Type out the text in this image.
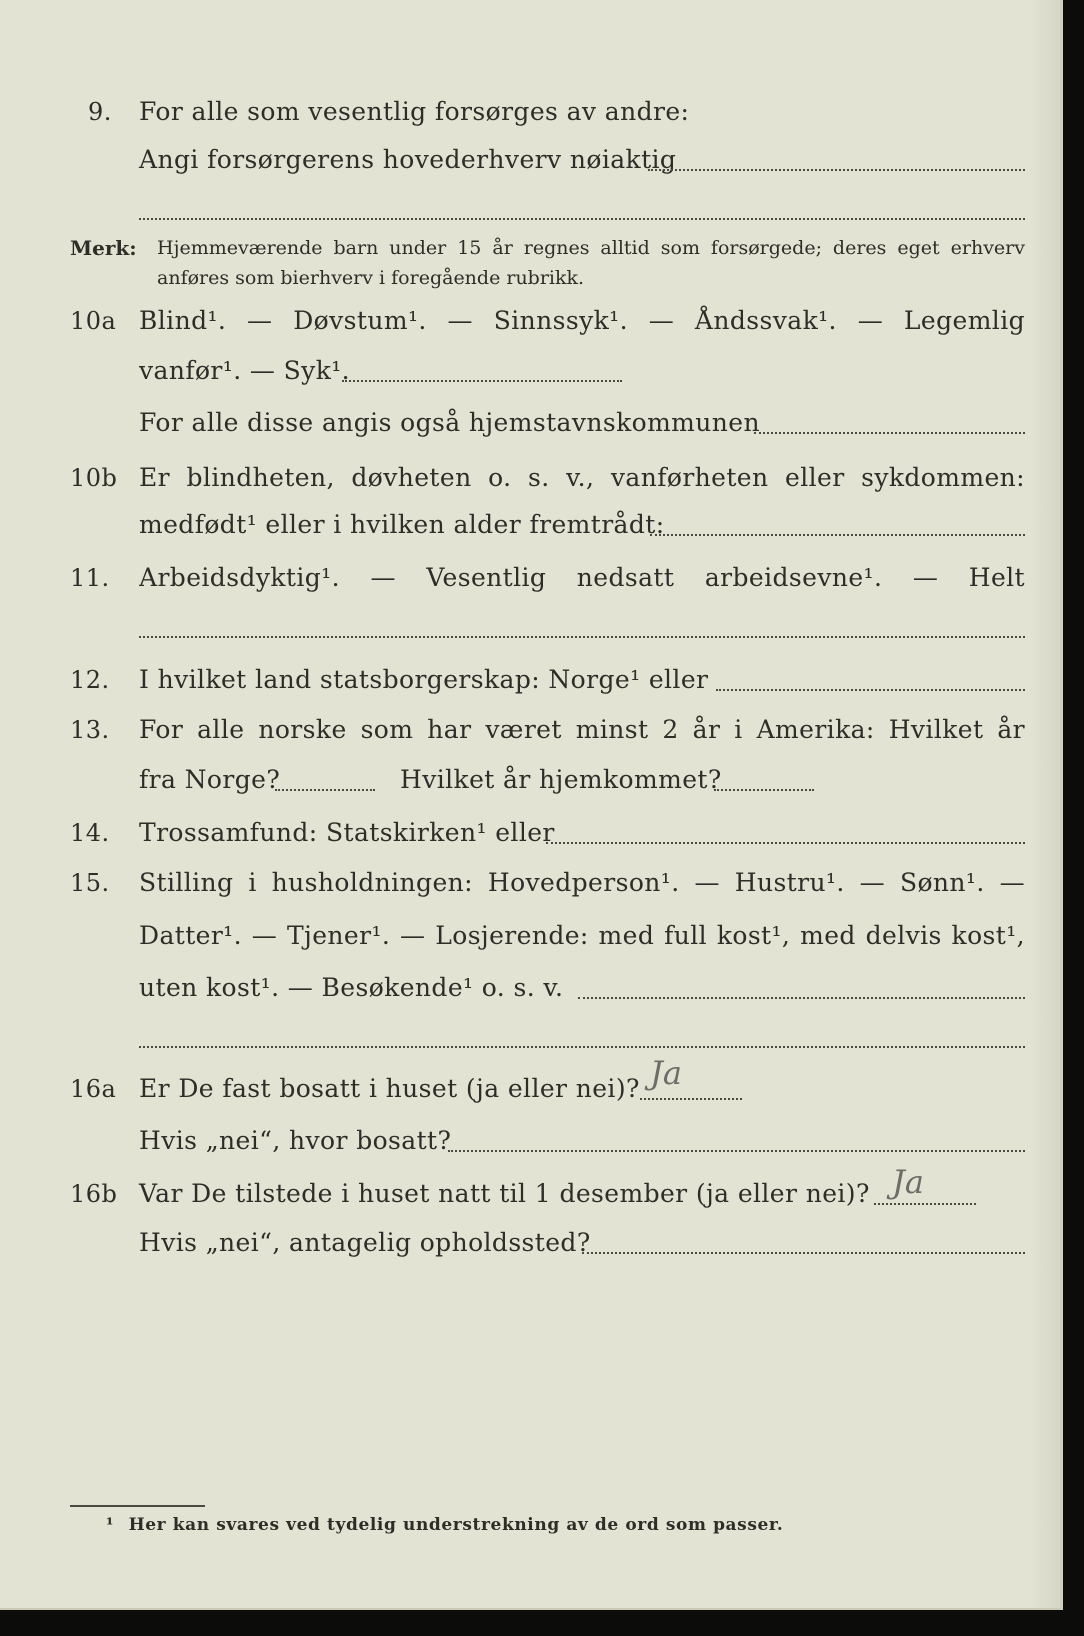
9.	For alle som vesentlig forsørges av andre:
Angi forsørgerens hovederhverv nøiaktig
Merk: Hjemmeværende barn under 15 år regnes alltid som forsørgede; deres eget erhverv
anføres som bierhverv i foregående rubrikk.
10a Blind¹. — Døvstum¹. — Sinnssyk¹. — Åndssvak¹. — Legemlig
vanfør¹. — Syk¹.
For alle disse angis også hjemstavnskommunen
10b Er blindheten, døvheten o. s. v., vanførheten eller sykdommen:
medfødt¹ eller i hvilken alder fremtrådt:
11.	Arbeidsdyktig¹. — Vesentlig nedsatt arbeidsevne¹. — Helt
12.	I hvilket land statsborgerskap: Norge¹ eller
13.	For alle norske som har været minst 2 år i Amerika: Hvilket år
fra Norge?	Hvilket år hjemkommet?
14.	Trossamfund: Statskirken¹ eller
15.	Stilling i husholdningen: Hovedperson¹. — Hustru¹. — Sønn¹. —
Datter¹. — Tjener¹. — Losjerende: med full kost¹, med delvis kost¹,
uten kost¹. — Besøkende¹ o. s. v.
16a Er De fast bosatt i huset (ja eller nei)? Ja
Hvis „nei“, hvor bosatt?
16b Var De tilstede i huset natt til 1 desember (ja eller nei)? Ja
Hvis „nei“, antagelig opholdssted?
¹ Her kan svares ved tydelig understrekning av de ord som passer.
